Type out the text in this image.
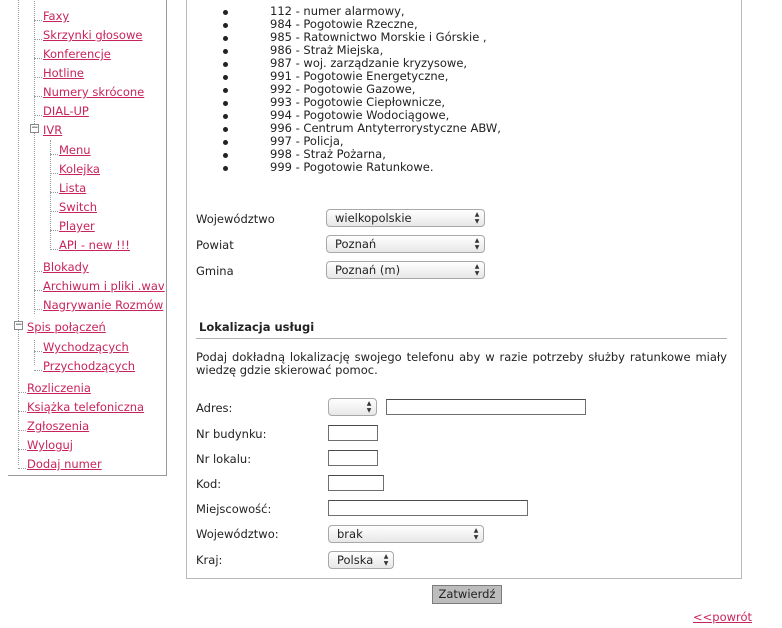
−
−
Faxy
Skrzynki głosowe
Konferencje
Hotline
Numery skrócone
DIAL-UP
IVR
Menu
Kolejka
Lista
Switch
Player
API - new !!!
Blokady
Archiwum i pliki .wav
Nagrywanie Rozmów
Spis połączeń
Wychodzących
Przychodzących
Rozliczenia
Książka telefoniczna
Zgłoszenia
Wyloguj
Dodaj numer
112 - numer alarmowy,
984 - Pogotowie Rzeczne,
985 - Ratownictwo Morskie i Górskie ,
986 - Straż Miejska,
987 - woj. zarządzanie kryzysowe,
991 - Pogotowie Energetyczne,
992 - Pogotowie Gazowe,
993 - Pogotowie Ciepłownicze,
994 - Pogotowie Wodociągowe,
996 - Centrum Antyterrorystyczne ABW,
997 - Policja,
998 - Straż Pożarna,
999 - Pogotowie Ratunkowe.
Województwo	wielkopolskie	▲
▼
Powiat	Poznań	▲
▼
Gmina	Poznań (m)	▲
▼
Lokalizacja usługi

Podaj dokładną lokalizację swojego telefonu aby w razie potrzeby służby ratunkowe miały wiedzę gdzie skierować pomoc.

Adres:	▲
▼
Nr budynku:
Nr lokalu:
Kod:
Miejscowość:
Województwo:	brak	▲
▼
Kraj:	Polska	▲
▼
Zatwierdź
<<powrót
